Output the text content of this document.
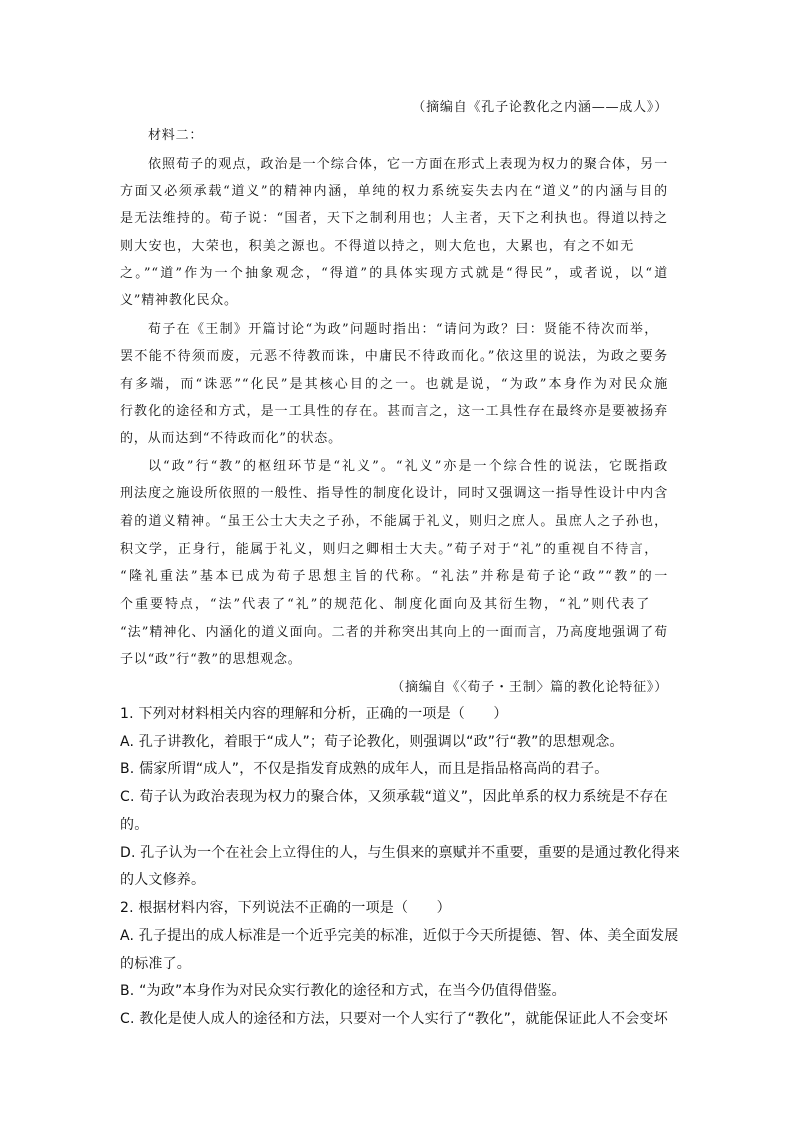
（摘编自《孔子论教化之内涵——成人》）
材料二：
依照荀子的观点，政治是一个综合体，它一方面在形式上表现为权力的聚合体，另一
方面又必须承载“道义”的精神内涵，单纯的权力系统妄失去内在“道义”的内涵与目的
是无法维持的。荀子说：“国者，天下之制利用也；人主者，天下之利执也。得道以持之
则大安也，大荣也，积美之源也。不得道以持之，则大危也，大累也，有之不如无
之。”“道”作为一个抽象观念，“得道”的具体实现方式就是“得民”，或者说，以“道
义”精神教化民众。
荀子在《王制》开篇讨论“为政”问题时指出：“请问为政？曰：贤能不待次而举，
罢不能不待须而废，元恶不待教而诛，中庸民不待政而化。”依这里的说法，为政之要务
有多端，而“诛恶”“化民”是其核心目的之一。也就是说，“为政”本身作为对民众施
行教化的途径和方式，是一工具性的存在。甚而言之，这一工具性存在最终亦是要被扬弃
的，从而达到“不待政而化”的状态。
以“政”行“教”的枢纽环节是“礼义”。“礼义”亦是一个综合性的说法，它既指政
刑法度之施设所依照的一般性、指导性的制度化设计，同时又强调这一指导性设计中内含
着的道义精神。“虽王公士大夫之子孙，不能属于礼义，则归之庶人。虽庶人之子孙也，
积文学，正身行，能属于礼义，则归之卿相士大夫。”荀子对于“礼”的重视自不待言，
“隆礼重法”基本已成为荀子思想主旨的代称。“礼法”并称是荀子论“政”“教”的一
个重要特点，“法”代表了“礼”的规范化、制度化面向及其衍生物，“礼”则代表了
“法”精神化、内涵化的道义面向。二者的并称突出其向上的一面而言，乃高度地强调了荀
子以“政”行“教”的思想观念。
（摘编自《〈荀子・王制〉篇的教化论特征》）
1. 下列对材料相关内容的理解和分析，正确的一项是（　　）
A. 孔子讲教化，着眼于“成人”；荀子论教化，则强调以“政”行“教”的思想观念。
B. 儒家所谓“成人”，不仅是指发育成熟的成年人，而且是指品格高尚的君子。
C. 荀子认为政治表现为权力的聚合体，又须承载“道义”，因此单系的权力系统是不存在
的。
D. 孔子认为一个在社会上立得住的人，与生俱来的禀赋并不重要，重要的是通过教化得来
的人文修养。
2. 根据材料内容，下列说法不正确的一项是（　　）
A. 孔子提出的成人标准是一个近乎完美的标准，近似于今天所提德、智、体、美全面发展
的标准了。
B. “为政”本身作为对民众实行教化的途径和方式，在当今仍值得借鉴。
C. 教化是使人成人的途径和方法，只要对一个人实行了“教化”，就能保证此人不会变坏
